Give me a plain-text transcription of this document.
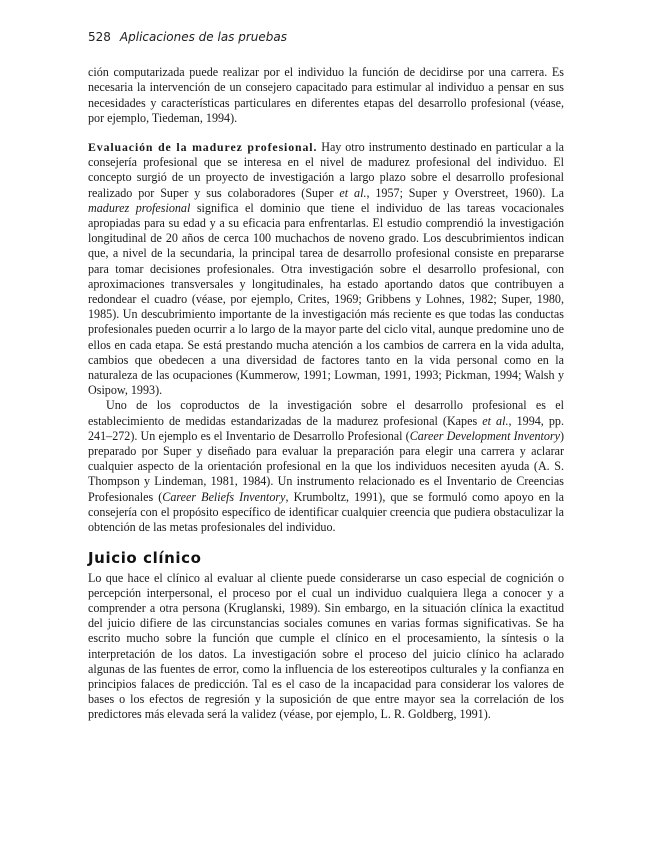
528 Aplicaciones de las pruebas

ción computarizada puede realizar por el individuo la función de decidirse por una carrera. Es necesaria la intervención de un consejero capacitado para estimular al individuo a pensar en sus necesidades y características particulares en diferentes etapas del desarrollo profesional (véase, por ejemplo, Tiedeman, 1994).

Evaluación de la madurez profesional. Hay otro instrumento destinado en particular a la consejería profesional que se interesa en el nivel de madurez profesional del individuo. El concepto surgió de un proyecto de investigación a largo plazo sobre el desarrollo profesional realizado por Super y sus colaboradores (Super et al., 1957; Super y Overstreet, 1960). La madurez profesional significa el dominio que tiene el individuo de las tareas vocacionales apropiadas para su edad y a su eficacia para enfrentarlas. El estudio comprendió la investigación longitudinal de 20 años de cerca 100 muchachos de noveno grado. Los descubrimientos indican que, a nivel de la secundaria, la principal tarea de desarrollo profesional consiste en prepararse para tomar decisiones profesionales. Otra investigación sobre el desarrollo profesional, con aproximaciones transversales y longitudinales, ha estado aportando datos que contribuyen a redondear el cuadro (véase, por ejemplo, Crites, 1969; Gribbens y Lohnes, 1982; Super, 1980, 1985). Un descubrimiento importante de la investigación más reciente es que todas las conductas profesionales pueden ocurrir a lo largo de la mayor parte del ciclo vital, aunque predomine uno de ellos en cada etapa. Se está prestando mucha atención a los cambios de carrera en la vida adulta, cambios que obedecen a una diversidad de factores tanto en la vida personal como en la naturaleza de las ocupaciones (Kummerow, 1991; Lowman, 1991, 1993; Pickman, 1994; Walsh y Osipow, 1993).

Uno de los coproductos de la investigación sobre el desarrollo profesional es el establecimiento de medidas estandarizadas de la madurez profesional (Kapes et al., 1994, pp. 241–272). Un ejemplo es el Inventario de Desarrollo Profesional (Career Development Inventory) preparado por Super y diseñado para evaluar la preparación para elegir una carrera y aclarar cualquier aspecto de la orientación profesional en la que los individuos necesiten ayuda (A. S. Thompson y Lindeman, 1981, 1984). Un instrumento relacionado es el Inventario de Creencias Profesionales (Career Beliefs Inventory, Krumboltz, 1991), que se formuló como apoyo en la consejería con el propósito específico de identificar cualquier creencia que pudiera obstaculizar la obtención de las metas profesionales del individuo.

Juicio clínico

Lo que hace el clínico al evaluar al cliente puede considerarse un caso especial de cognición o percepción interpersonal, el proceso por el cual un individuo cualquiera llega a conocer y a comprender a otra persona (Kruglanski, 1989). Sin embargo, en la situación clínica la exactitud del juicio difiere de las circunstancias sociales comunes en varias formas significativas. Se ha escrito mucho sobre la función que cumple el clínico en el procesamiento, la síntesis o la interpretación de los datos. La investigación sobre el proceso del juicio clínico ha aclarado algunas de las fuentes de error, como la influencia de los estereotipos culturales y la confianza en principios falaces de predicción. Tal es el caso de la incapacidad para considerar los valores de bases o los efectos de regresión y la suposición de que entre mayor sea la correlación de los predictores más elevada será la validez (véase, por ejemplo, L. R. Goldberg, 1991).
